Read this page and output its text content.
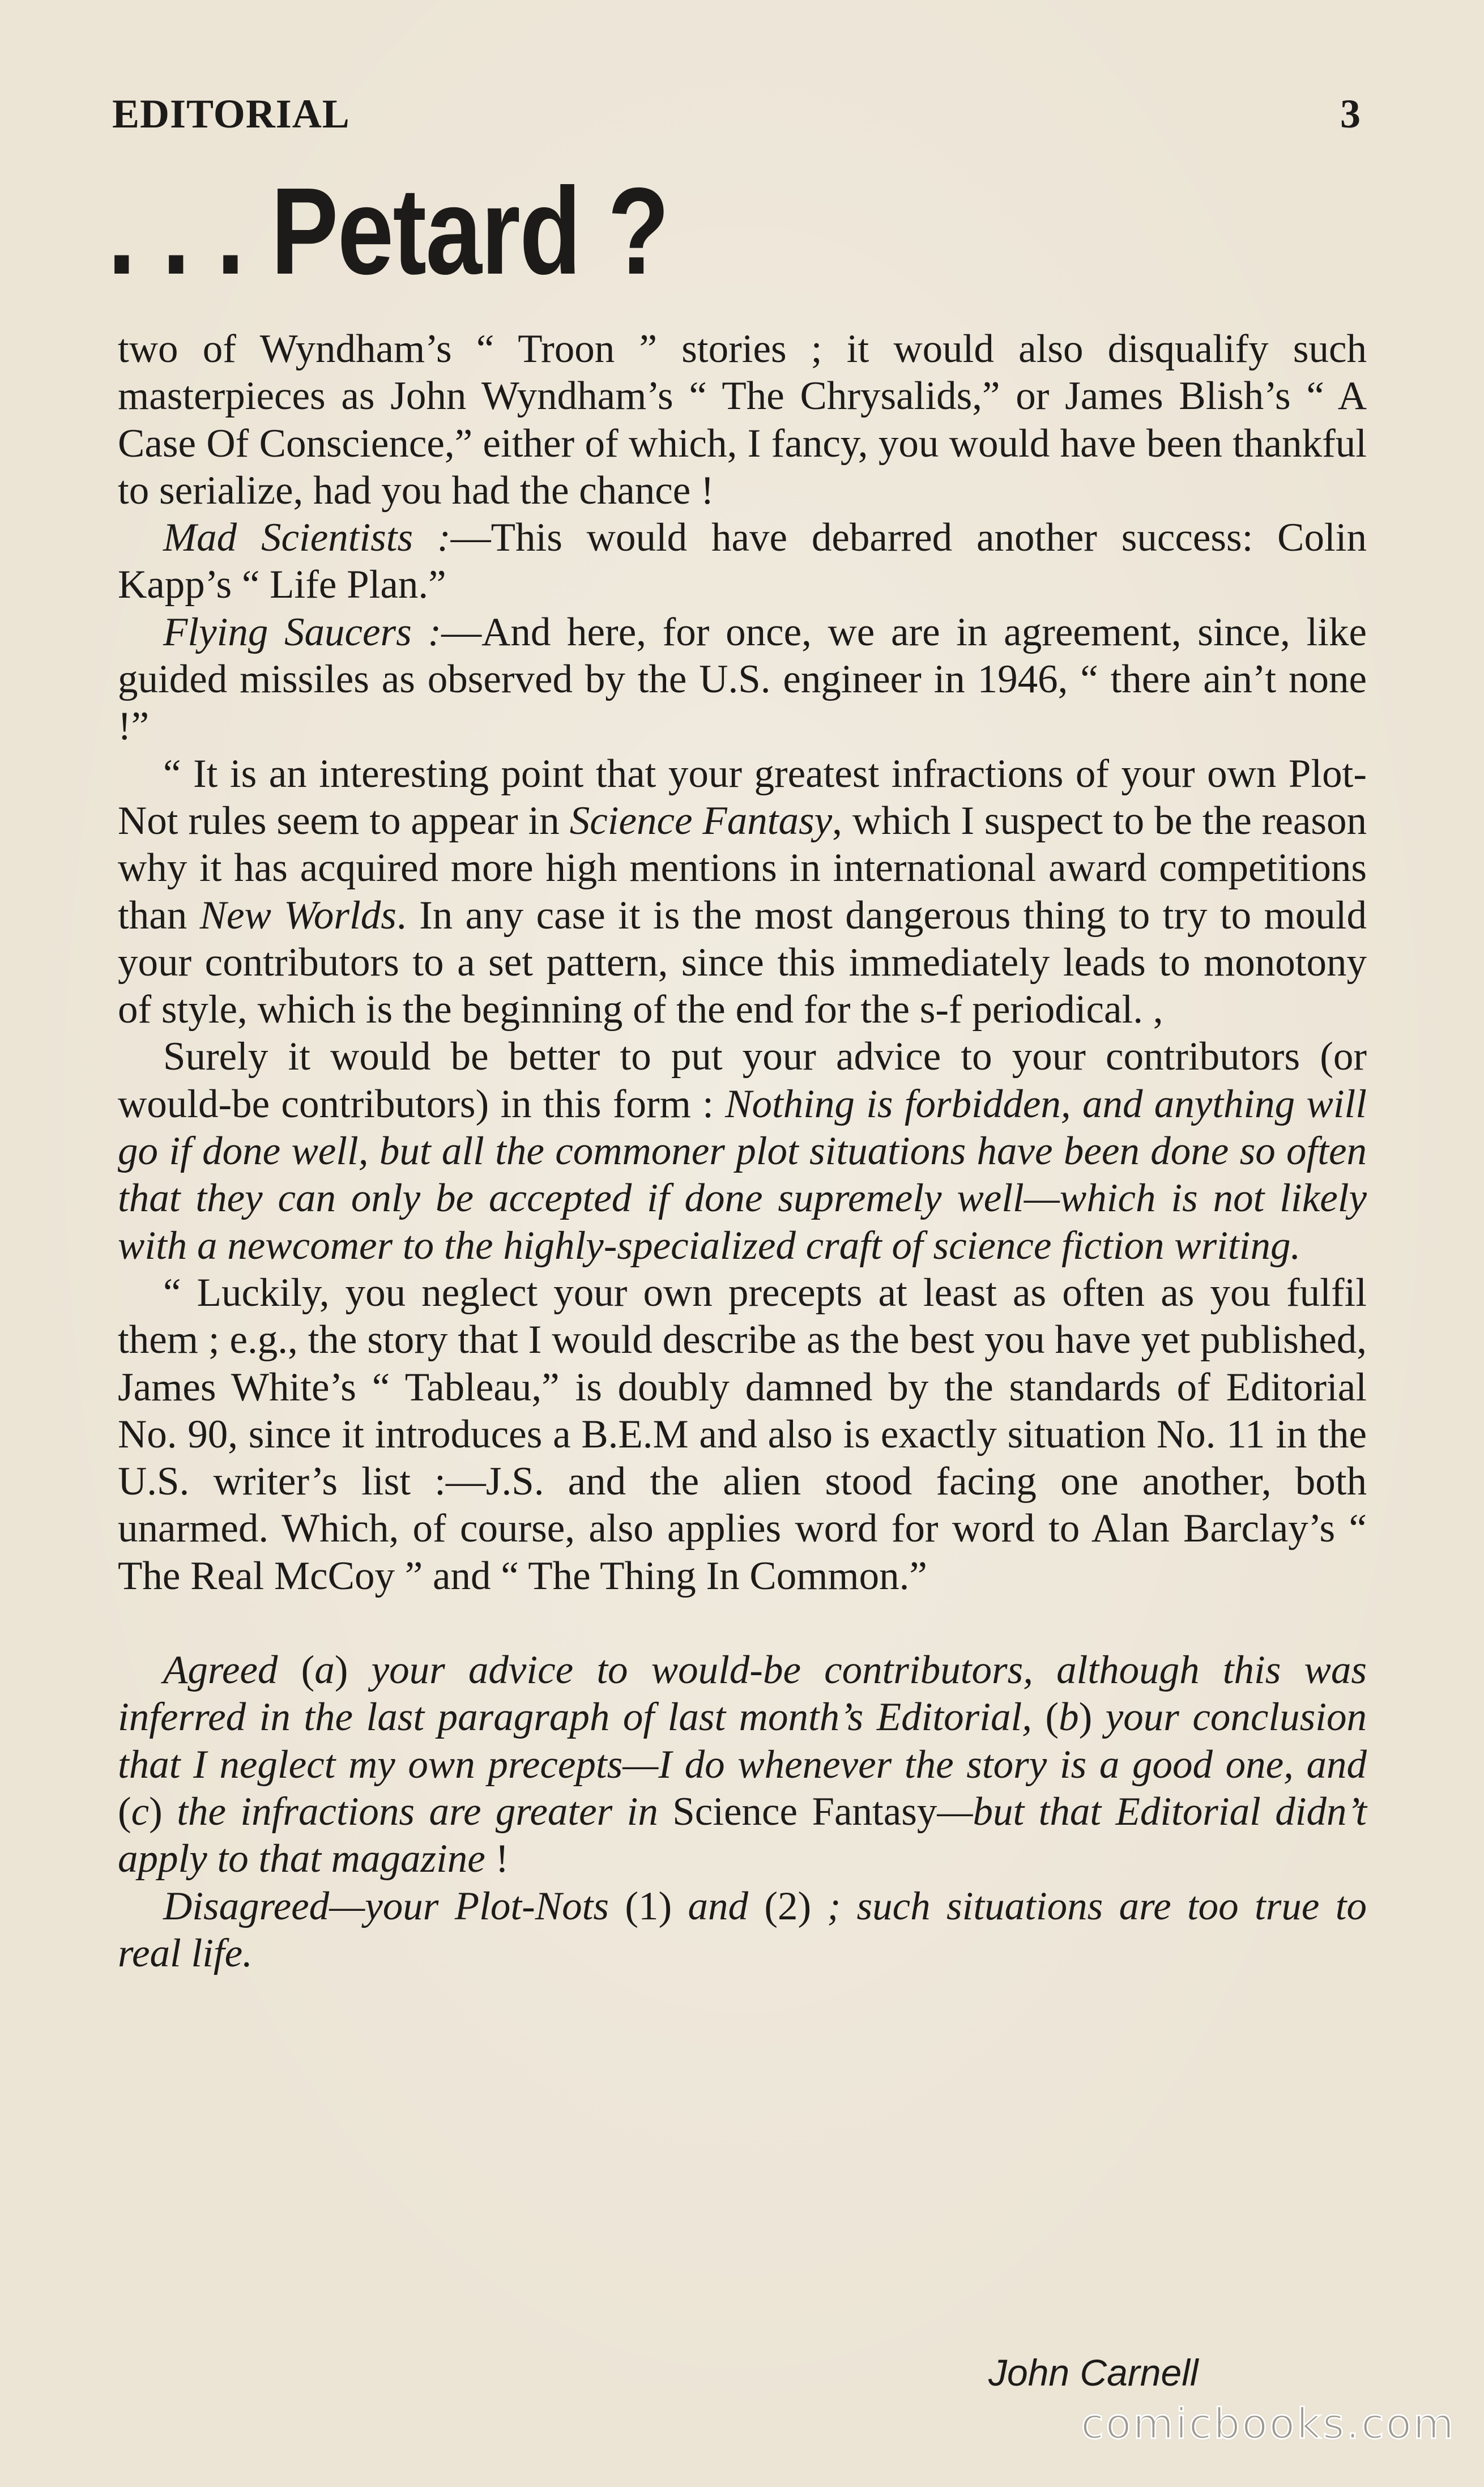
EDITORIAL	3
. . . Petard ?

two of Wyndham’s “ Troon ” stories ; it would also disqualify such masterpieces as John Wyndham’s “ The Chrysalids,” or James Blish’s “ A Case Of Conscience,” either of which, I fancy, you would have been thankful to serialize, had you had the chance !

Mad Scientists :—This would have debarred another success: Colin Kapp’s “ Life Plan.”

Flying Saucers :—And here, for once, we are in agreement, since, like guided missiles as observed by the U.S. engineer in 1946, “ there ain’t none !”

“ It is an interesting point that your greatest infractions of your own Plot-Not rules seem to appear in Science Fantasy, which I suspect to be the reason why it has acquired more high mentions in international award competitions than New Worlds. In any case it is the most dangerous thing to try to mould your contributors to a set pattern, since this immediately leads to monotony of style, which is the beginning of the end for the s-f periodical. ,

Surely it would be better to put your advice to your contributors (or would-be contributors) in this form : Nothing is forbidden, and anything will go if done well, but all the commoner plot situations have been done so often that they can only be accepted if done supremely well—which is not likely with a newcomer to the highly-specialized craft of science fiction writing.

“ Luckily, you neglect your own precepts at least as often as you fulfil them ; e.g., the story that I would describe as the best you have yet published, James White’s “ Tableau,” is doubly damned by the standards of Editorial No. 90, since it introduces a B.E.M and also is exactly situation No. 11 in the U.S. writer’s list :—J.S. and the alien stood facing one another, both unarmed. Which, of course, also applies word for word to Alan Barclay’s “ The Real McCoy ” and “ The Thing In Common.”

Agreed (a) your advice to would-be contributors, although this was inferred in the last paragraph of last month’s Editorial, (b) your conclusion that I neglect my own precepts—I do whenever the story is a good one, and (c) the infractions are greater in Science Fantasy—but that Editorial didn’t apply to that magazine !

Disagreed—your Plot-Nots (1) and (2) ; such situations are too true to real life.

John Carnell
comicbooks.com
